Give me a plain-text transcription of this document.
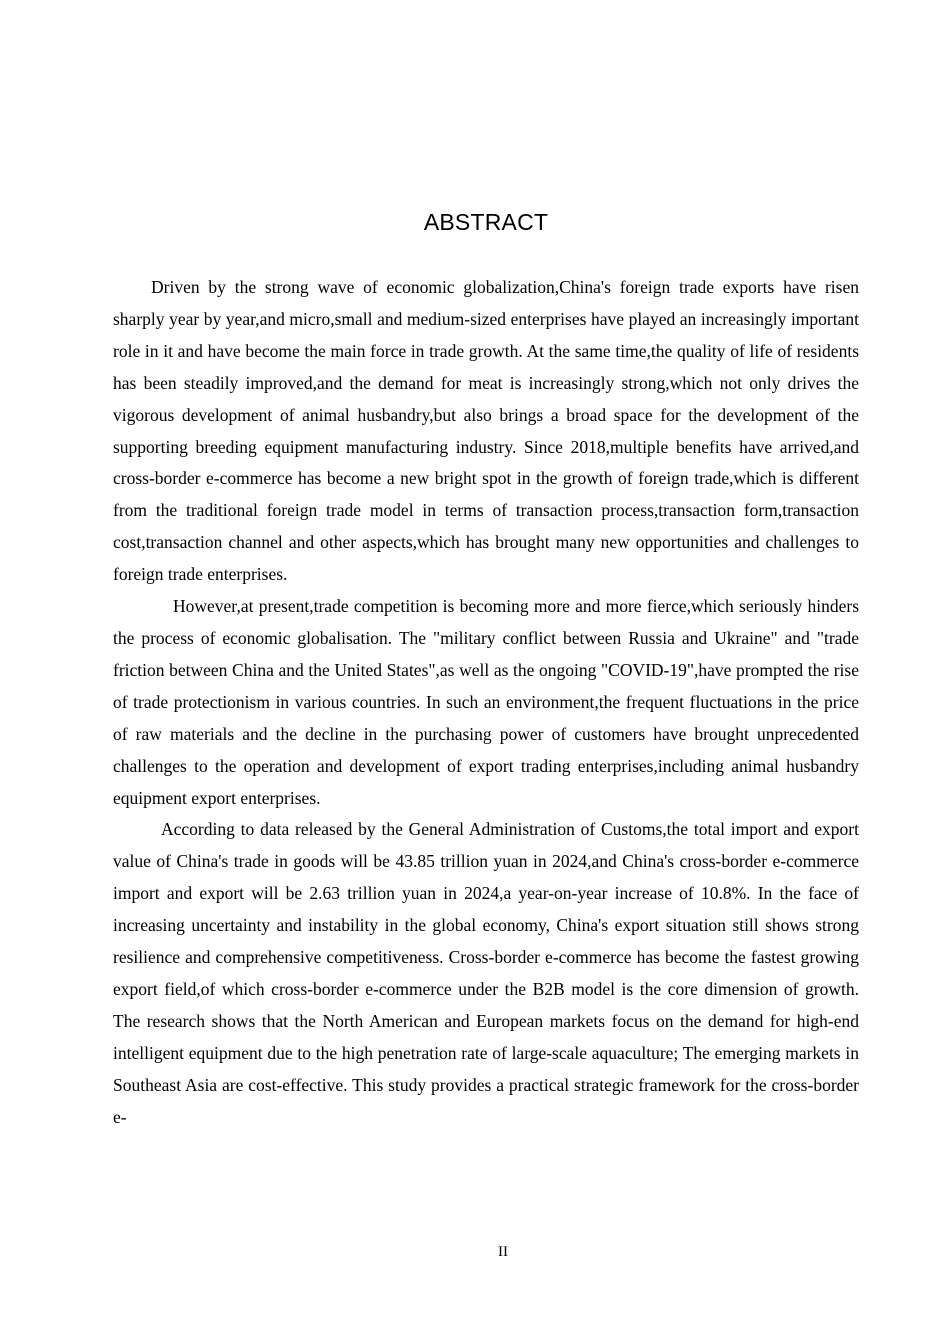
ABSTRACT

Driven by the strong wave of economic globalization,China's foreign trade exports have risen sharply year by year,and micro,small and medium-sized enterprises have played an increasingly important role in it and have become the main force in trade growth. At the same time,the quality of life of residents has been steadily improved,and the demand for meat is increasingly strong,which not only drives the vigorous development of animal husbandry,but also brings a broad space for the development of the supporting breeding equipment manufacturing industry. Since 2018,multiple benefits have arrived,and cross-border e-commerce has become a new bright spot in the growth of foreign trade,which is different from the traditional foreign trade model in terms of transaction process,transaction form,transaction cost,transaction channel and other aspects,which has brought many new opportunities and challenges to foreign trade enterprises.

However,at present,trade competition is becoming more and more fierce,which seriously hinders the process of economic globalisation. The "military conflict between Russia and Ukraine" and "trade friction between China and the United States",as well as the ongoing "COVID-19",have prompted the rise of trade protectionism in various countries. In such an environment,the frequent fluctuations in the price of raw materials and the decline in the purchasing power of customers have brought unprecedented challenges to the operation and development of export trading enterprises,including animal husbandry equipment export enterprises.

According to data released by the General Administration of Customs,the total import and export value of China's trade in goods will be 43.85 trillion yuan in 2024,and China's cross-border e-commerce import and export will be 2.63 trillion yuan in 2024,a year-on-year increase of 10.8%. In the face of increasing uncertainty and instability in the global economy, China's export situation still shows strong resilience and comprehensive competitiveness. Cross-border e-commerce has become the fastest growing export field,of which cross-border e-commerce under the B2B model is the core dimension of growth. The research shows that the North American and European markets focus on the demand for high-end intelligent equipment due to the high penetration rate of large-scale aquaculture; The emerging markets in Southeast Asia are cost-effective. This study provides a practical strategic framework for the cross-border e-

II
